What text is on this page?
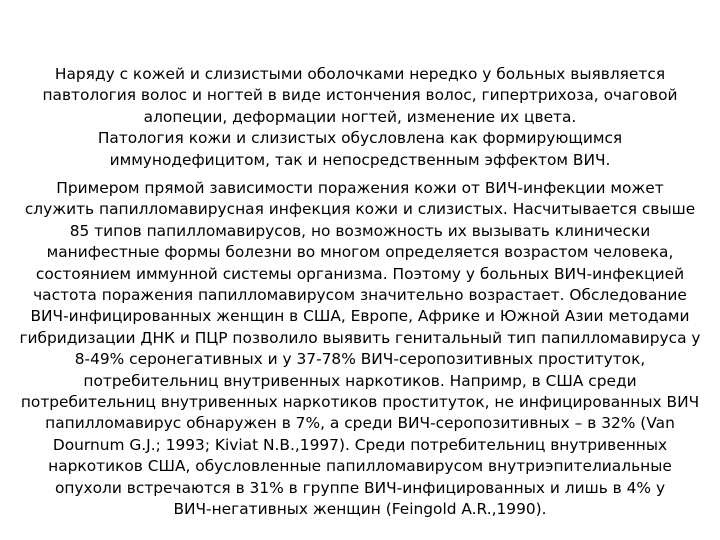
Наряду с кожей и слизистыми оболочками нередко у больных выявляется
павтология волос и ногтей в виде истончения волос, гипертрихоза, очаговой
алопеции, деформации ногтей, изменение их цвета.
Патология кожи и слизистых обусловлена как формирующимся
иммунодефицитом, так и непосредственным эффектом ВИЧ.

Примером прямой зависимости поражения кожи от ВИЧ-инфекции может
служить папилломавирусная инфекция кожи и слизистых. Насчитывается свыше
85 типов папилломавирусов, но возможность их вызывать клинически
манифестные формы болезни во многом определяется возрастом человека,
состоянием иммунной системы организма. Поэтому у больных ВИЧ-инфекцией
частота поражения папилломавирусом значительно возрастает. Обследование
ВИЧ-инфицированных женщин в США, Европе, Африке и Южной Азии методами
гибридизации ДНК и ПЦР позволило выявить генитальный тип папилломавируса у
8-49% серонегативных и у 37-78% ВИЧ-серопозитивных проституток,
потребительниц внутривенных наркотиков. Напримр, в США среди
потребительниц внутривенных наркотиков проституток, не инфицированных ВИЧ
папилломавирус обнаружен в 7%, а среди ВИЧ-серопозитивных – в 32% (Van
Dournum G.J.; 1993; Kiviat N.B.,1997). Среди потребительниц внутривенных
наркотиков США, обусловленные папилломавирусом внутриэпителиальные
опухоли встречаются в 31% в группе ВИЧ-инфицированных и лишь в 4% у
ВИЧ-негативных женщин (Feingold A.R.,1990).
